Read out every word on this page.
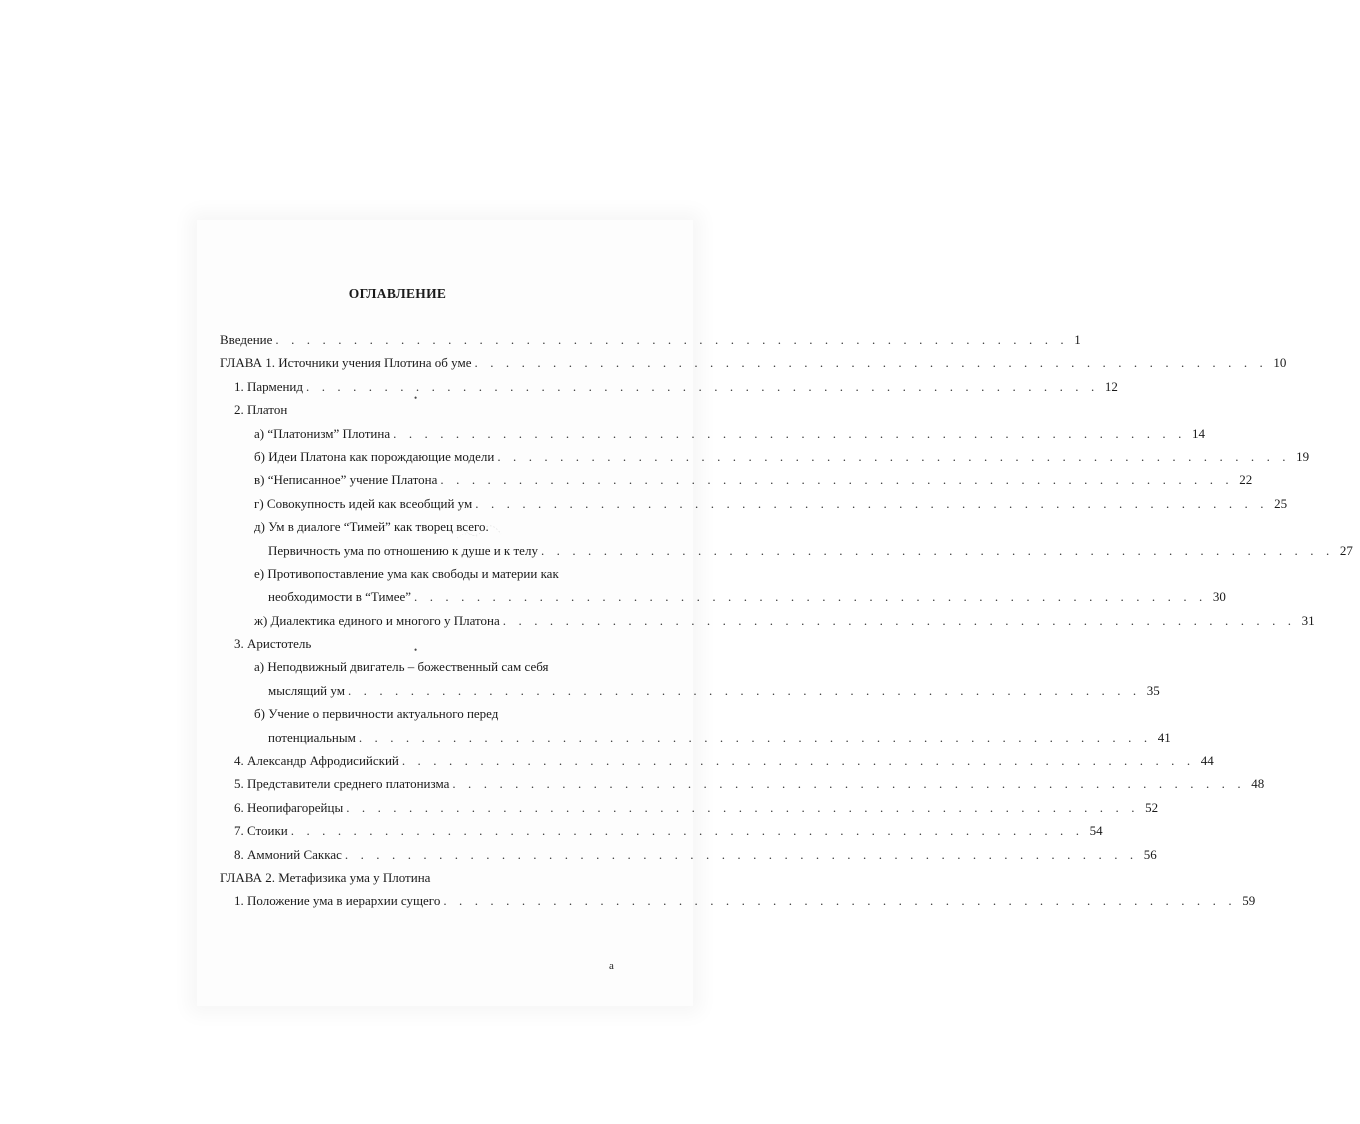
ОГЛАВЛЕНИЕ
Введение . . . . . . . . . . . . . . . . . . . . . . . . . . . . . . . . . . . . . . . . . . . . . . . . . . . 1
ГЛАВА 1. Источники учения Плотина об уме . . . . . . . . . . . . . . . . . . . . . . . . . . . . . . . . . . . . . . . . . . . . . . . . . . . 10
1. Парменид . . . . . . . . . . . . . . . . . . . . . . . . . . . . . . . . . . . . . . . . . . . . . . . . . . . 12
2. Платон
а) “Платонизм” Плотина . . . . . . . . . . . . . . . . . . . . . . . . . . . . . . . . . . . . . . . . . . . . . . . . . . . 14
б) Идеи Платона как порождающие модели . . . . . . . . . . . . . . . . . . . . . . . . . . . . . . . . . . . . . . . . . . . . . . . . . . . 19
в) “Неписанное” учение Платона . . . . . . . . . . . . . . . . . . . . . . . . . . . . . . . . . . . . . . . . . . . . . . . . . . . 22
г) Совокупность идей как всеобщий ум . . . . . . . . . . . . . . . . . . . . . . . . . . . . . . . . . . . . . . . . . . . . . . . . . . . 25
д) Ум в диалоге “Тимей” как творец всего.
Первичность ума по отношению к душе и к телу . . . . . . . . . . . . . . . . . . . . . . . . . . . . . . . . . . . . . . . . . . . . . . . . . . . 27
е) Противопоставление ума как свободы и материи как
необходимости в “Тимее” . . . . . . . . . . . . . . . . . . . . . . . . . . . . . . . . . . . . . . . . . . . . . . . . . . . 30
ж) Диалектика единого и многого у Платона . . . . . . . . . . . . . . . . . . . . . . . . . . . . . . . . . . . . . . . . . . . . . . . . . . . 31
3. Аристотель
а) Неподвижный двигатель – божественный сам себя
мыслящий ум . . . . . . . . . . . . . . . . . . . . . . . . . . . . . . . . . . . . . . . . . . . . . . . . . . . 35
б) Учение о первичности актуального перед
потенциальным . . . . . . . . . . . . . . . . . . . . . . . . . . . . . . . . . . . . . . . . . . . . . . . . . . . 41
4. Александр Афродисийский . . . . . . . . . . . . . . . . . . . . . . . . . . . . . . . . . . . . . . . . . . . . . . . . . . . 44
5. Представители среднего платонизма . . . . . . . . . . . . . . . . . . . . . . . . . . . . . . . . . . . . . . . . . . . . . . . . . . . 48
6. Неопифагорейцы . . . . . . . . . . . . . . . . . . . . . . . . . . . . . . . . . . . . . . . . . . . . . . . . . . . 52
7. Стоики . . . . . . . . . . . . . . . . . . . . . . . . . . . . . . . . . . . . . . . . . . . . . . . . . . . 54
8. Аммоний Саккас . . . . . . . . . . . . . . . . . . . . . . . . . . . . . . . . . . . . . . . . . . . . . . . . . . . 56
ГЛАВА 2. Метафизика ума у Плотина
1. Положение ума в иерархии сущего . . . . . . . . . . . . . . . . . . . . . . . . . . . . . . . . . . . . . . . . . . . . . . . . . . . 59
•
•
а
